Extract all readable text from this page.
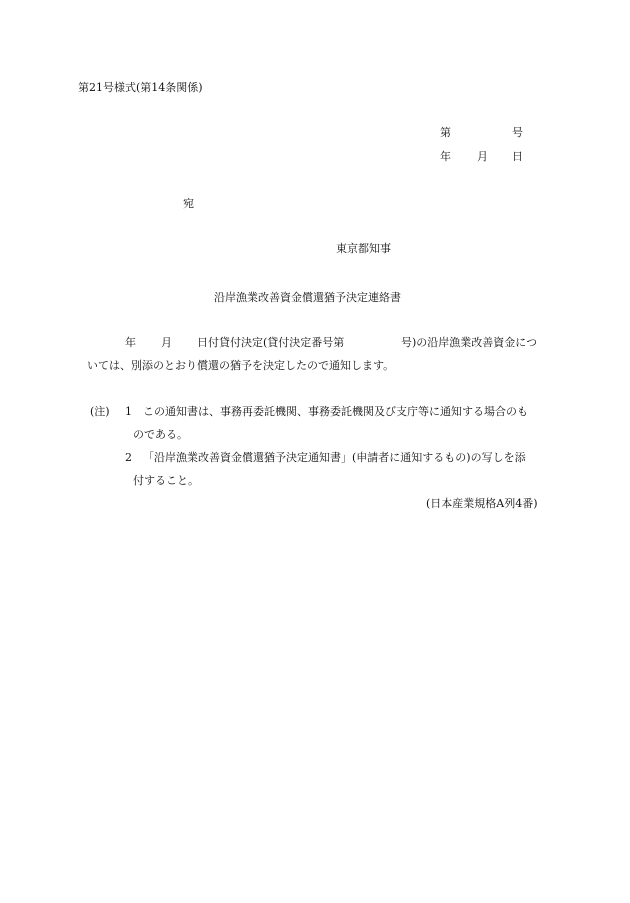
第21号様式(第14条関係)
第	号
年 月 日
宛
東京都知事
沿岸漁業改善資金償還猶予決定連絡書
年 月 日付貸付決定(貸付決定番号第	号)の沿岸漁業改善資金につ
いては、別添のとおり償還の猶予を決定したので通知します。
(注) 1 この通知書は、事務再委託機関、事務委託機関及び支庁等に通知する場合のも
のである。
2 「沿岸漁業改善資金償還猶予決定通知書」(申請者に通知するもの)の写しを添
付すること。
(日本産業規格A列4番)
